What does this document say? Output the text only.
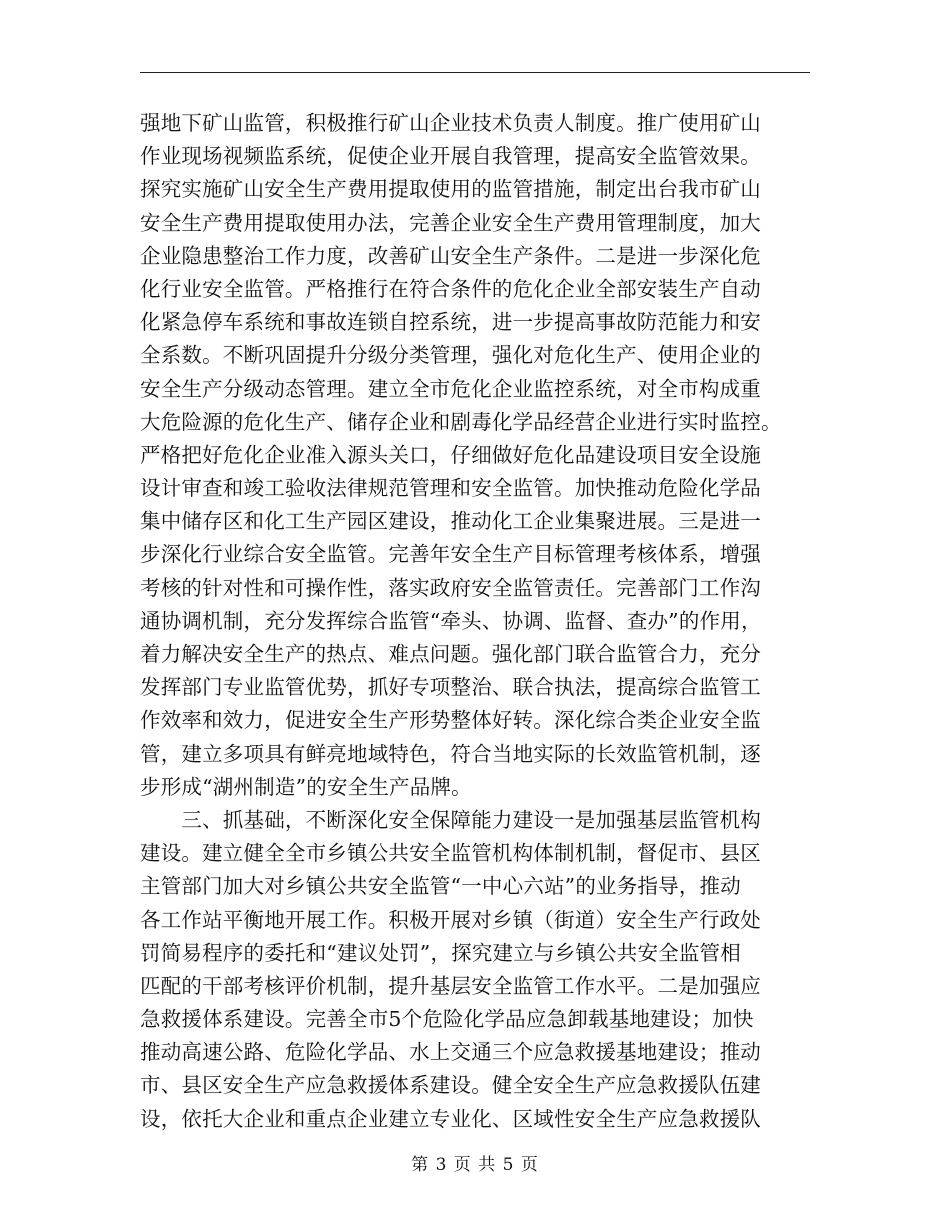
强地下矿山监管，积极推行矿山企业技术负责人制度。推广使用矿山
作业现场视频监系统，促使企业开展自我管理，提高安全监管效果。
探究实施矿山安全生产费用提取使用的监管措施，制定出台我市矿山
安全生产费用提取使用办法，完善企业安全生产费用管理制度，加大
企业隐患整治工作力度，改善矿山安全生产条件。二是进一步深化危
化行业安全监管。严格推行在符合条件的危化企业全部安装生产自动
化紧急停车系统和事故连锁自控系统，进一步提高事故防范能力和安
全系数。不断巩固提升分级分类管理，强化对危化生产、使用企业的
安全生产分级动态管理。建立全市危化企业监控系统，对全市构成重
大危险源的危化生产、储存企业和剧毒化学品经营企业进行实时监控。
严格把好危化企业准入源头关口，仔细做好危化品建设项目安全设施
设计审查和竣工验收法律规范管理和安全监管。加快推动危险化学品
集中储存区和化工生产园区建设，推动化工企业集聚进展。三是进一
步深化行业综合安全监管。完善年安全生产目标管理考核体系，增强
考核的针对性和可操作性，落实政府安全监管责任。完善部门工作沟
通协调机制，充分发挥综合监管“牵头、协调、监督、查办”的作用，
着力解决安全生产的热点、难点问题。强化部门联合监管合力，充分
发挥部门专业监管优势，抓好专项整治、联合执法，提高综合监管工
作效率和效力，促进安全生产形势整体好转。深化综合类企业安全监
管，建立多项具有鲜亮地域特色，符合当地实际的长效监管机制，逐
步形成“湖州制造”的安全生产品牌。
　　三、抓基础，不断深化安全保障能力建设一是加强基层监管机构
建设。建立健全全市乡镇公共安全监管机构体制机制，督促市、县区
主管部门加大对乡镇公共安全监管“一中心六站”的业务指导，推动
各工作站平衡地开展工作。积极开展对乡镇（街道）安全生产行政处
罚简易程序的委托和“建议处罚”，探究建立与乡镇公共安全监管相
匹配的干部考核评价机制，提升基层安全监管工作水平。二是加强应
急救援体系建设。完善全市5个危险化学品应急卸载基地建设；加快
推动高速公路、危险化学品、水上交通三个应急救援基地建设；推动
市、县区安全生产应急救援体系建设。健全安全生产应急救援队伍建
设，依托大企业和重点企业建立专业化、区域性安全生产应急救援队
第 3 页 共 5 页
